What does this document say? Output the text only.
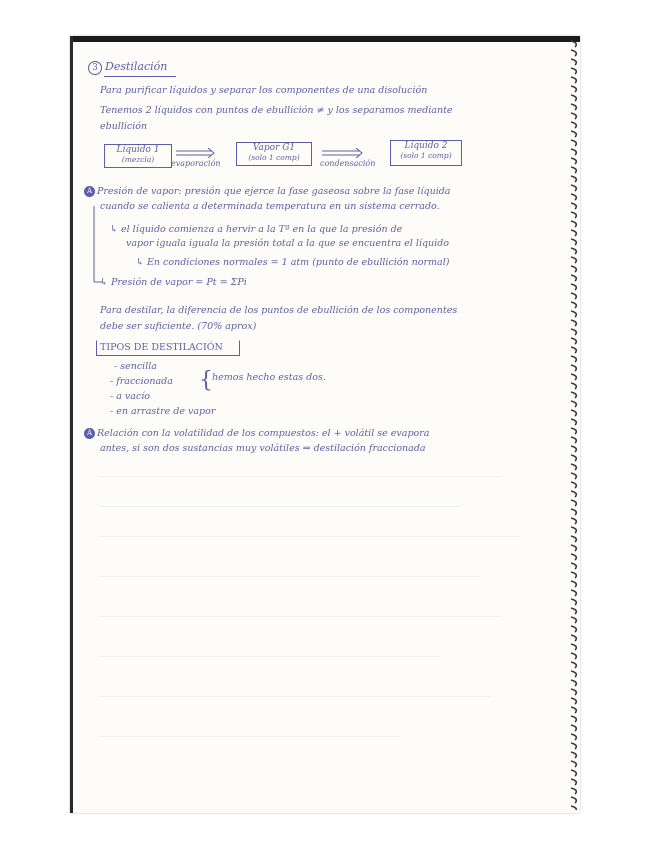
3 Destilación
Para purificar líquidos y separar los componentes de una disolución
Tenemos 2 líquidos con puntos de ebullición ≠ y los separamos mediante
ebullición
Líquido 1
(mezcla)	evaporación
Vapor G1
(solo 1 comp)
condensación
Líquido 2
(solo 1 comp)
A Presión de vapor: presión que ejerce la fase gaseosa sobre la fase líquida
cuando se calienta a determinada temperatura en un sistema cerrado.
↳ el líquido comienza a hervir a la Tª en la que la presión de
vapor iguala iguala la presión total a la que se encuentra el líquido
↳ En condiciones normales = 1 atm (punto de ebullición normal)
↳ Presión de vapor = Pt = ΣPi
Para destilar, la diferencia de los puntos de ebullición de los componentes
debe ser suficiente. (70% aprox)
TIPOS DE DESTILACIÓN
- sencilla
- fraccionada
- a vacío
- en arrastre de vapor
{ hemos hecho estas dos.
A Relación con la volatilidad de los compuestos: el + volátil se evapora
antes, si son dos sustancias muy volátiles ⇒ destilación fraccionada
